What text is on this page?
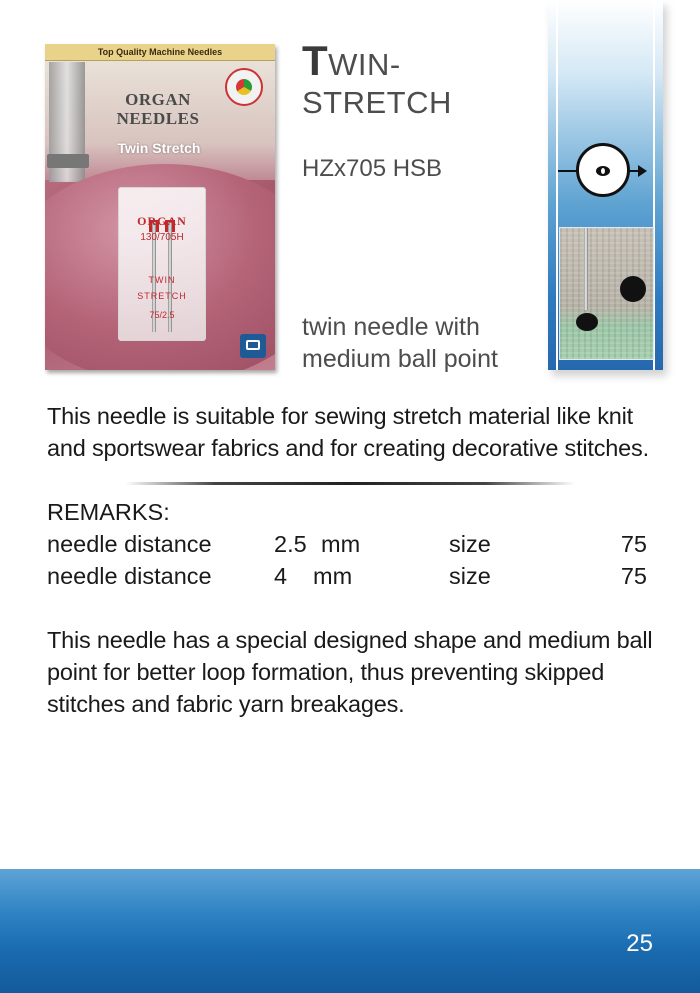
Top Quality Machine Needles
ORGAN
NEEDLES
Twin Stretch
ORGAN
130/705H
TWIN
STRETCH
75/2.5
TWIN-
STRETCH
HZx705 HSB
twin needle with
medium ball point
This needle is suitable for sewing stretch material like knit and sportswear fabrics and for creating decorative stitches.
REMARKS:
needle distance	2.5 mm	size	75
needle distance	4 mm	size	75
This needle has a special designed shape and medium ball point for better loop formation, thus preventing skipped stitches and fabric yarn breakages.
25
